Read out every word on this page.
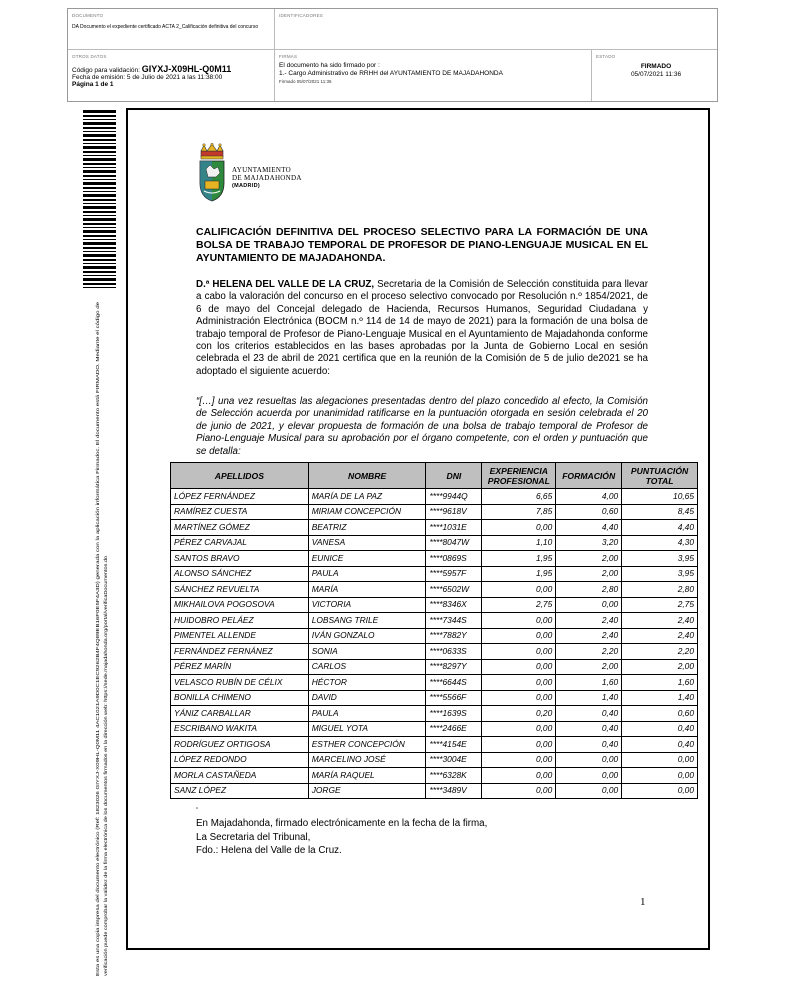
DOCUMENTO
DA Documento el expediente certificado ACTA 2_Calificación definitiva del concurso
IDENTIFICADORES
OTROS DATOS
Código para validación: GIYXJ-X09HL-Q0M11
Fecha de emisión: 5 de Julio de 2021 a las 11:38:00
Página 1 de 1
FIRMAS
El documento ha sido firmado por :
1.- Cargo Administrativo de RRHH del AYUNTAMIENTO DE MAJADAHONDA
Firmado 05/07/2021 11:36
ESTADO
FIRMADO
05/07/2021 11:36
Esta es una copia impresa del documento electrónico (Ref: 1823026 GIYXJ-X09HL-Q0M11 4AC1021A9D0C1EC9262B4F4Q89EB16F0E5F4A3D) generada con la aplicación informática Firmadoc. El documento está FIRMADO. Mediante el código de verificación puede comprobar la validez de la firma electrónica de los documentos firmados en la dirección web: https://sede.majadahonda.org/portal/verificaDocumentos.do
AYUNTAMIENTO
DE MAJADAHONDA
(MADRID)
CALIFICACIÓN DEFINITIVA DEL PROCESO SELECTIVO PARA LA FORMACIÓN DE UNA BOLSA DE TRABAJO TEMPORAL DE PROFESOR DE PIANO-LENGUAJE MUSICAL EN EL AYUNTAMIENTO DE MAJADAHONDA.
D.ª HELENA DEL VALLE DE LA CRUZ, Secretaria de la Comisión de Selección constituida para llevar a cabo la valoración del concurso en el proceso selectivo convocado por Resolución n.º 1854/2021, de 6 de mayo del Concejal delegado de Hacienda, Recursos Humanos, Seguridad Ciudadana y Administración Electrónica (BOCM n.º 114 de 14 de mayo de 2021) para la formación de una bolsa de trabajo temporal de Profesor de Piano-Lenguaje Musical en el Ayuntamiento de Majadahonda conforme con los criterios establecidos en las bases aprobadas por la Junta de Gobierno Local en sesión celebrada el 23 de abril de 2021 certifica que en la reunión de la Comisión de 5 de julio de2021 se ha adoptado el siguiente acuerdo:
“[…] una vez resueltas las alegaciones presentadas dentro del plazo concedido al efecto, la Comisión de Selección acuerda por unanimidad ratificarse en la puntuación otorgada en sesión celebrada el 20 de junio de 2021, y elevar propuesta de formación de una bolsa de trabajo temporal de Profesor de Piano-Lenguaje Musical para su aprobación por el órgano competente, con el orden y puntuación que se detalla:
APELLIDOS	NOMBRE	DNI	EXPERIENCIA PROFESIONAL	FORMACIÓN	PUNTUACIÓN TOTAL
LÓPEZ FERNÁNDEZ	MARÍA DE LA PAZ	****9944Q	6,65	4,00	10,65
RAMÍREZ CUESTA	MIRIAM CONCEPCIÓN	****9618V	7,85	0,60	8,45
MARTÍNEZ GÓMEZ	BEATRIZ	****1031E	0,00	4,40	4,40
PÉREZ CARVAJAL	VANESA	****8047W	1,10	3,20	4,30
SANTOS BRAVO	EUNICE	****0869S	1,95	2,00	3,95
ALONSO SÁNCHEZ	PAULA	****5957F	1,95	2,00	3,95
SÁNCHEZ REVUELTA	MARÍA	****6502W	0,00	2,80	2,80
MIKHAILOVA POGOSOVA	VICTORIA	****8346X	2,75	0,00	2,75
HUIDOBRO PELÁEZ	LOBSANG TRILE	****7344S	0,00	2,40	2,40
PIMENTEL ALLENDE	IVÁN GONZALO	****7882Y	0,00	2,40	2,40
FERNÁNDEZ FERNÁNEZ	SONIA	****0633S	0,00	2,20	2,20
PÉREZ MARÍN	CARLOS	****8297Y	0,00	2,00	2,00
VELASCO RUBÍN DE CÉLIX	HÉCTOR	****6644S	0,00	1,60	1,60
BONILLA CHIMENO	DAVID	****5566F	0,00	1,40	1,40
YÁNIZ CARBALLAR	PAULA	****1639S	0,20	0,40	0,60
ESCRIBANO WAKITA	MIGUEL YOTA	****2466E	0,00	0,40	0,40
RODRÍGUEZ ORTIGOSA	ESTHER CONCEPCIÓN	****4154E	0,00	0,40	0,40
LÓPEZ REDONDO	MARCELINO JOSÉ	****3004E	0,00	0,00	0,00
MORLA CASTAÑEDA	MARÍA RAQUEL	****6328K	0,00	0,00	0,00
SANZ LÓPEZ	JORGE	****3489V	0,00	0,00	0,00
”
En Majadahonda, firmado electrónicamente en la fecha de la firma,
La Secretaria del Tribunal,
Fdo.: Helena del Valle de la Cruz.
1
